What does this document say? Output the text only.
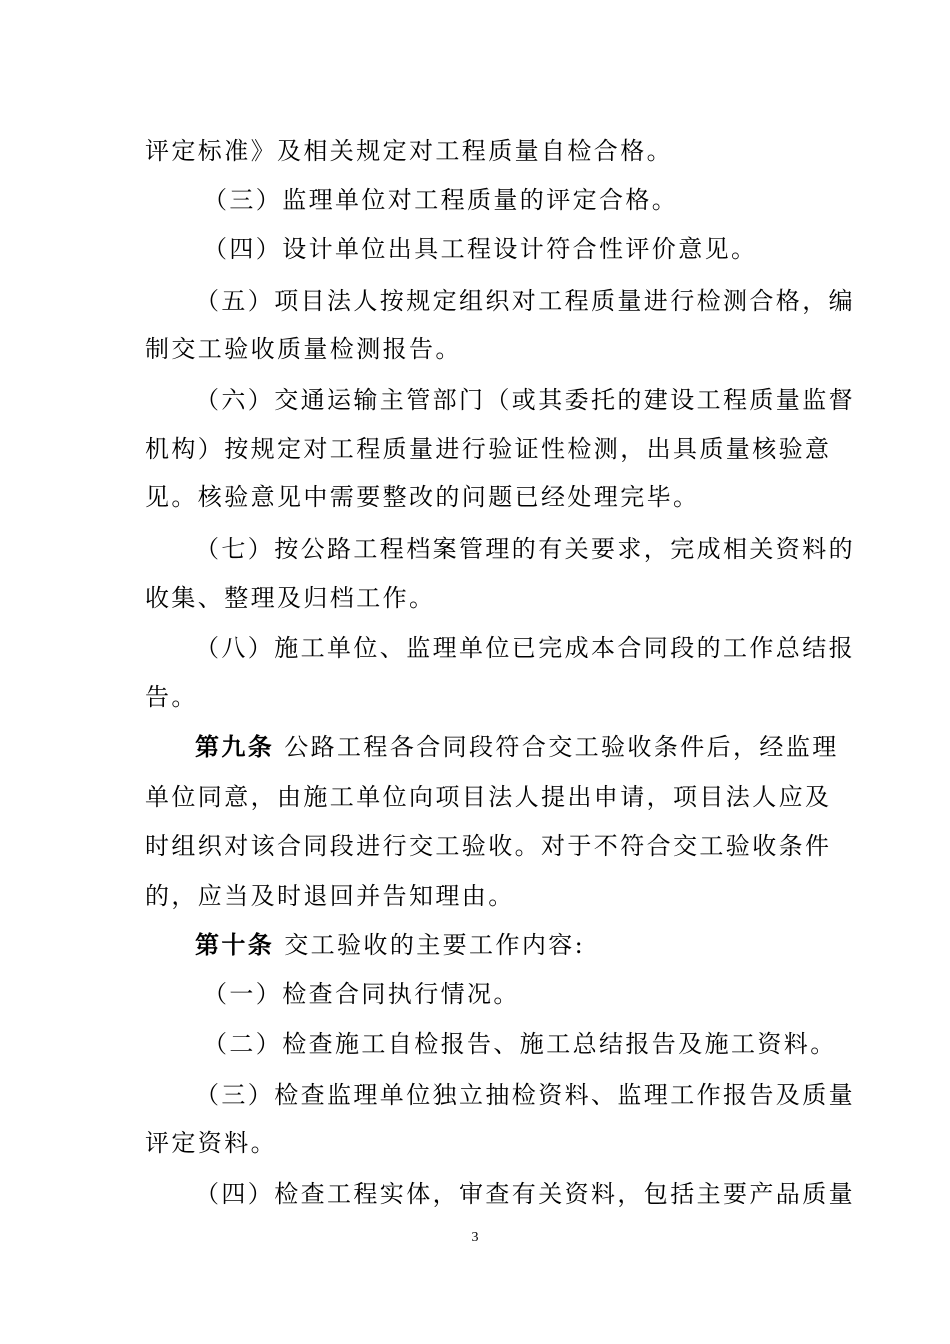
评定标准》及相关规定对工程质量自检合格。
（三）监理单位对工程质量的评定合格。
（四）设计单位出具工程设计符合性评价意见。
（五）项目法人按规定组织对工程质量进行检测合格，编
制交工验收质量检测报告。
（六）交通运输主管部门（或其委托的建设工程质量监督
机构）按规定对工程质量进行验证性检测，出具质量核验意
见。核验意见中需要整改的问题已经处理完毕。
（七）按公路工程档案管理的有关要求，完成相关资料的
收集、整理及归档工作。
（八）施工单位、监理单位已完成本合同段的工作总结报
告。
第九条 公路工程各合同段符合交工验收条件后，经监理
单位同意，由施工单位向项目法人提出申请，项目法人应及
时组织对该合同段进行交工验收。对于不符合交工验收条件
的，应当及时退回并告知理由。
第十条 交工验收的主要工作内容:
（一）检查合同执行情况。
（二）检查施工自检报告、施工总结报告及施工资料。
（三）检查监理单位独立抽检资料、监理工作报告及质量
评定资料。
（四）检查工程实体，审查有关资料，包括主要产品质量
3
